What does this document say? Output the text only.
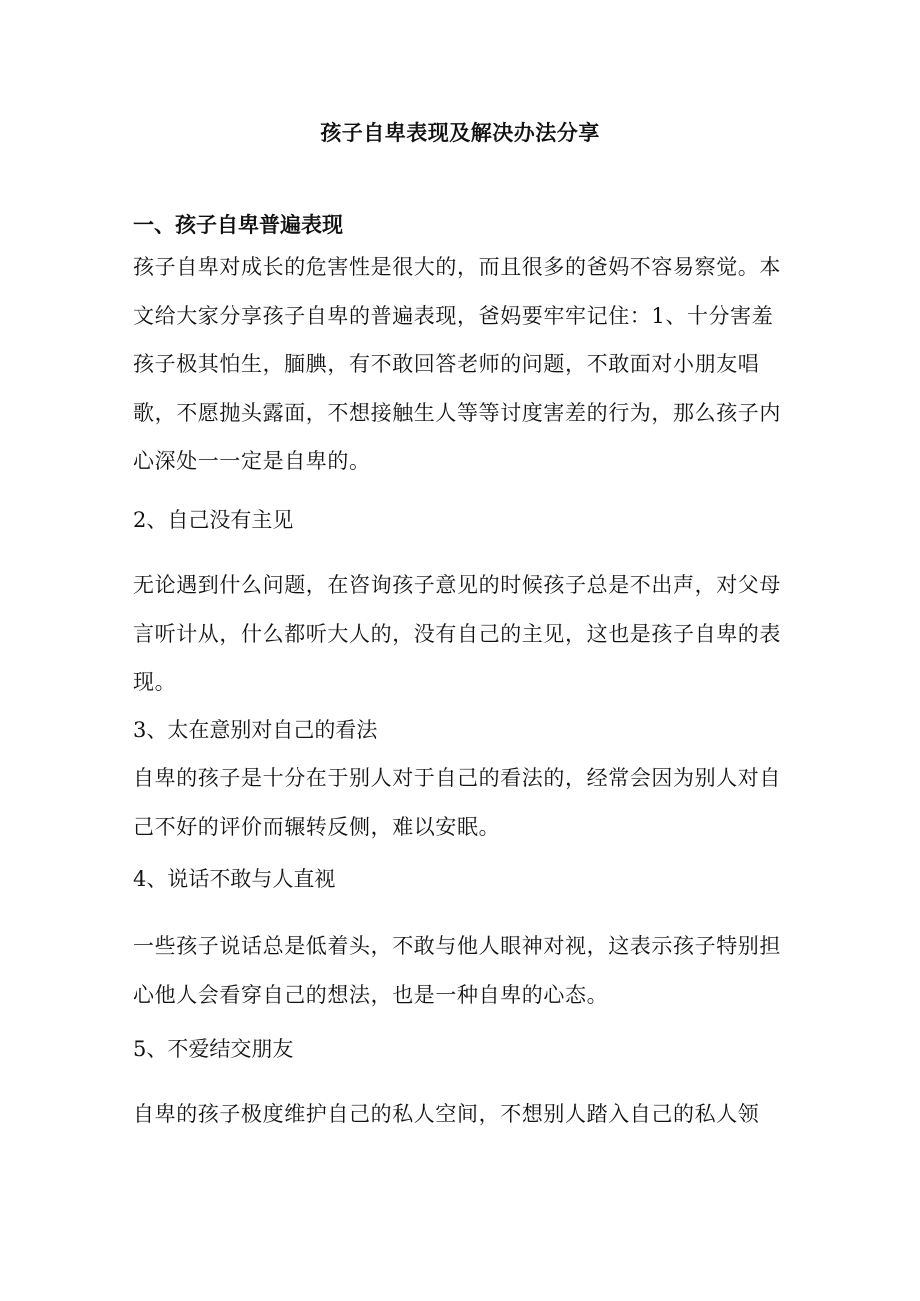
孩子自卑表现及解决办法分享
一、孩子自卑普遍表现

孩子自卑对成长的危害性是很大的，而且很多的爸妈不容易察觉。本文给大家分享孩子自卑的普遍表现，爸妈要牢牢记住：1、十分害羞孩子极其怕生，腼腆，有不敢回答老师的问题，不敢面对小朋友唱歌，不愿抛头露面，不想接触生人等等讨度害差的行为，那么孩子内心深处一一定是自卑的。

2、自己没有主见

无论遇到什么问题，在咨询孩子意见的时候孩子总是不出声，对父母言听计从，什么都听大人的，没有自己的主见，这也是孩子自卑的表现。

3、太在意别对自己的看法

自卑的孩子是十分在于别人对于自己的看法的，经常会因为别人对自己不好的评价而辗转反侧，难以安眠。

4、说话不敢与人直视

一些孩子说话总是低着头，不敢与他人眼神对视，这表示孩子特别担心他人会看穿自己的想法，也是一种自卑的心态。

5、不爱结交朋友

自卑的孩子极度维护自己的私人空间，不想别人踏入自己的私人领
